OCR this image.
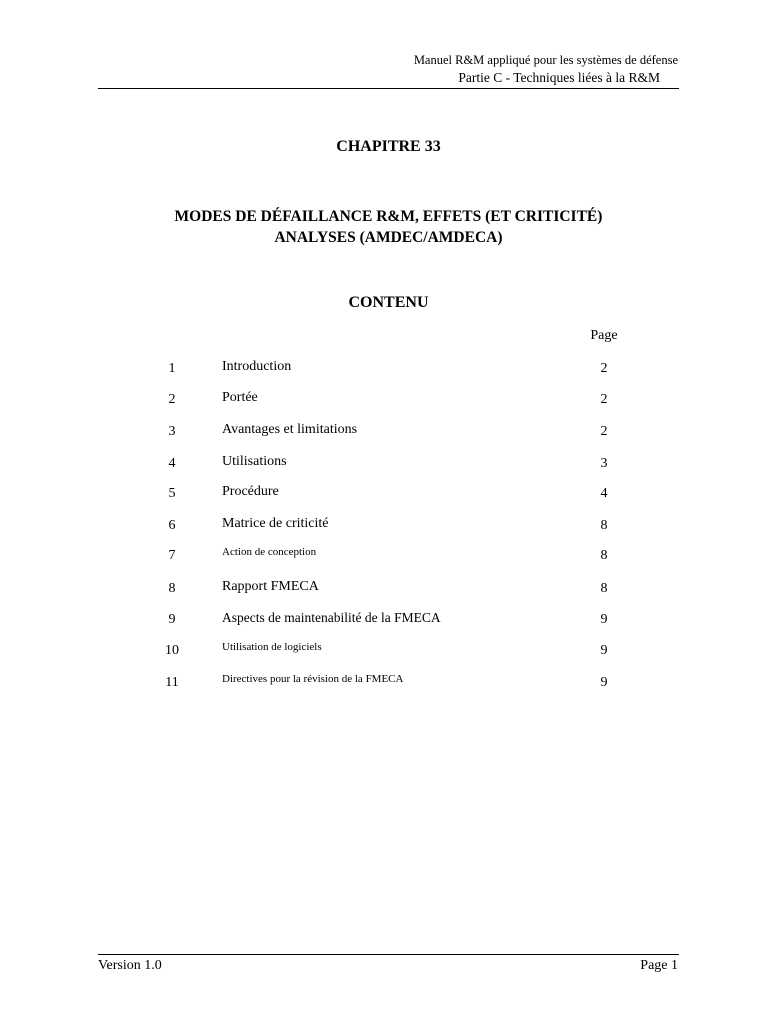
Manuel R&M appliqué pour les systèmes de défense
Partie C - Techniques liées à la R&M
CHAPITRE 33
MODES DE DÉFAILLANCE R&M, EFFETS (ET CRITICITÉ)
ANALYSES (AMDEC/AMDECA)
CONTENU
Page
1	Introduction	2
2	Portée	2
3	Avantages et limitations	2
4	Utilisations	3
5	Procédure	4
6	Matrice de criticité	8
7	Action de conception	8
8	Rapport FMECA	8
9	Aspects de maintenabilité de la FMECA	9
10	Utilisation de logiciels	9
11	Directives pour la révision de la FMECA	9
Version 1.0	Page 1
